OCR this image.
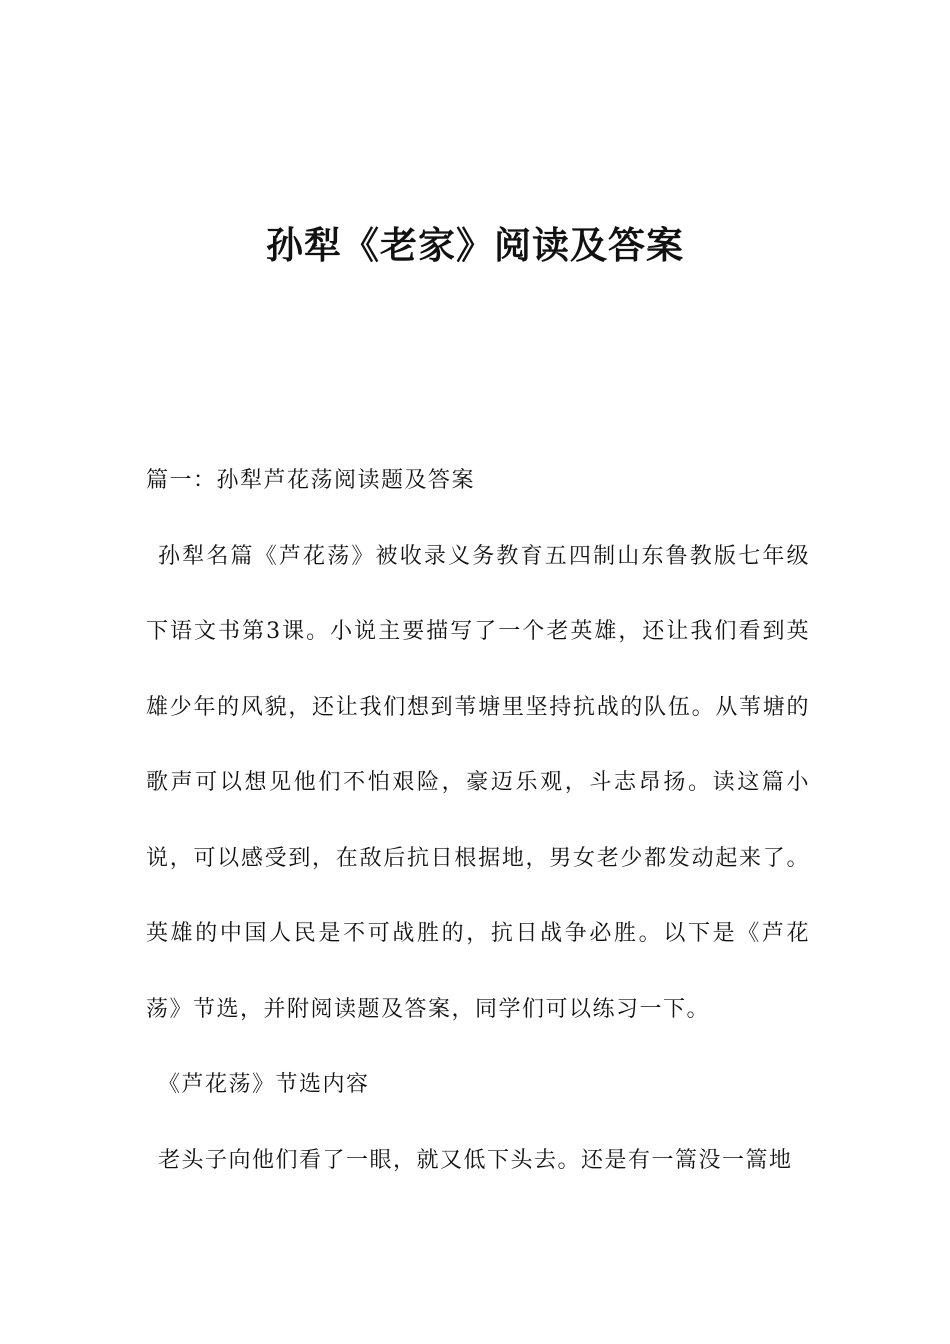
孙犁《老家》阅读及答案

篇一：孙犁芦花荡阅读题及答案

孙犁名篇《芦花荡》被收录义务教育五四制山东鲁教版七年级下语文书第3课。小说主要描写了一个老英雄，还让我们看到英雄少年的风貌，还让我们想到苇塘里坚持抗战的队伍。从苇塘的歌声可以想见他们不怕艰险，豪迈乐观，斗志昂扬。读这篇小说，可以感受到，在敌后抗日根据地，男女老少都发动起来了。英雄的中国人民是不可战胜的，抗日战争必胜。以下是《芦花荡》节选，并附阅读题及答案，同学们可以练习一下。

《芦花荡》节选内容

老头子向他们看了一眼，就又低下头去。还是有一篙没一篙地
